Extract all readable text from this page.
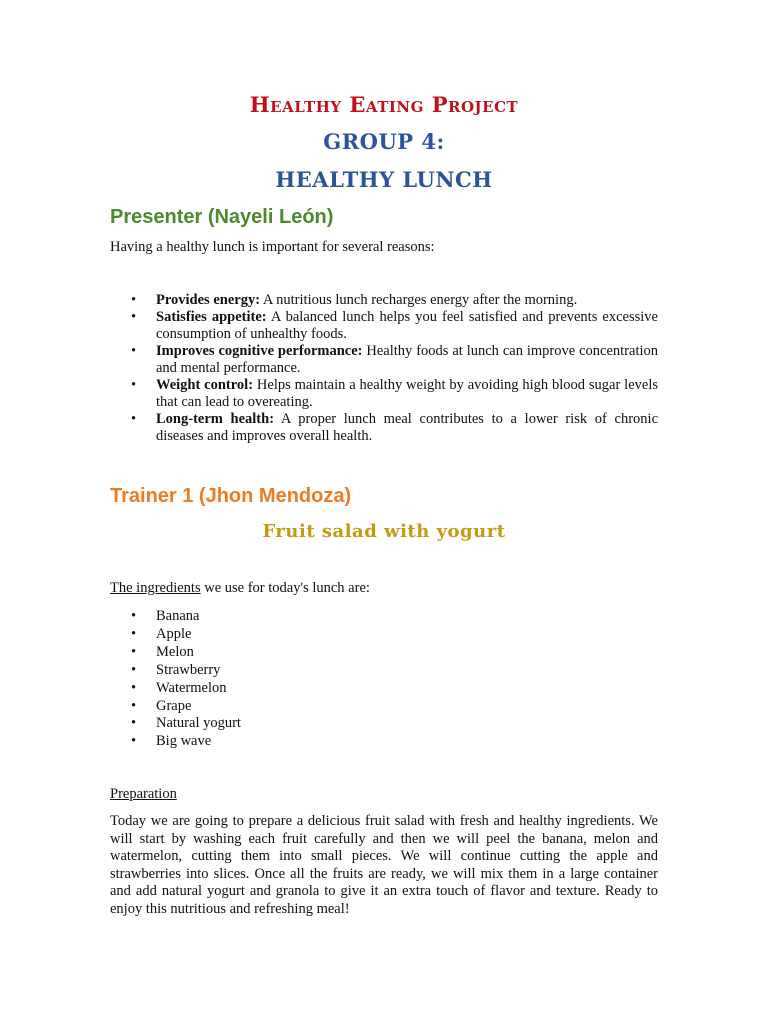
Healthy Eating Project
GROUP 4:
HEALTHY LUNCH
Presenter (Nayeli León)
Having a healthy lunch is important for several reasons:
• Provides energy: A nutritious lunch recharges energy after the morning.
• Satisfies appetite: A balanced lunch helps you feel satisfied and prevents excessive consumption of unhealthy foods.
• Improves cognitive performance: Healthy foods at lunch can improve concentration and mental performance.
• Weight control: Helps maintain a healthy weight by avoiding high blood sugar levels that can lead to overeating.
• Long-term health: A proper lunch meal contributes to a lower risk of chronic diseases and improves overall health.
Trainer 1 (Jhon Mendoza)
Fruit salad with yogurt
The ingredients we use for today's lunch are:
• Banana
• Apple
• Melon
• Strawberry
• Watermelon
• Grape
• Natural yogurt
• Big wave
Preparation
Today we are going to prepare a delicious fruit salad with fresh and healthy ingredients. We will start by washing each fruit carefully and then we will peel the banana, melon and watermelon, cutting them into small pieces. We will continue cutting the apple and strawberries into slices. Once all the fruits are ready, we will mix them in a large container and add natural yogurt and granola to give it an extra touch of flavor and texture. Ready to enjoy this nutritious and refreshing meal!
